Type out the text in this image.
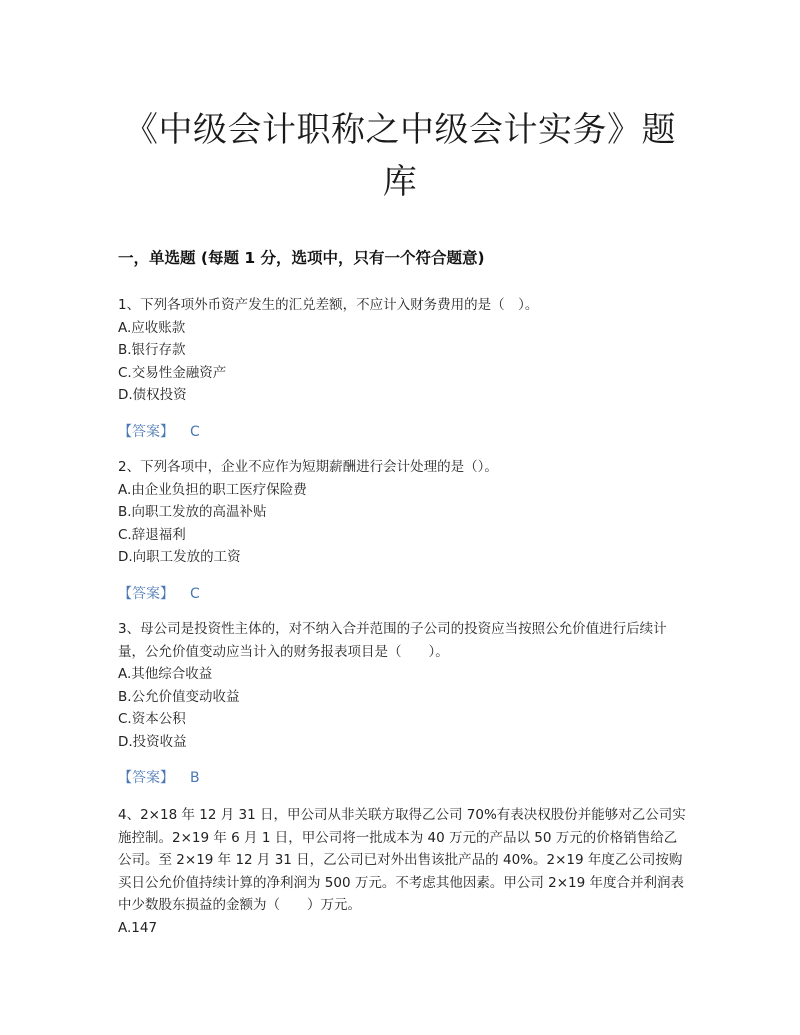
《中级会计职称之中级会计实务》题库
一，单选题 (每题 1 分，选项中，只有一个符合题意)

1、下列各项外币资产发生的汇兑差额，不应计入财务费用的是（　）。

A.应收账款

B.银行存款

C.交易性金融资产

D.债权投资

【答案】 C

2、下列各项中，企业不应作为短期薪酬进行会计处理的是（）。

A.由企业负担的职工医疗保险费

B.向职工发放的高温补贴

C.辞退福利

D.向职工发放的工资

【答案】 C

3、母公司是投资性主体的，对不纳入合并范围的子公司的投资应当按照公允价值进行后续计量，公允价值变动应当计入的财务报表项目是（　　）。

A.其他综合收益

B.公允价值变动收益

C.资本公积

D.投资收益

【答案】 B

4、2×18 年 12 月 31 日，甲公司从非关联方取得乙公司 70%有表决权股份并能够对乙公司实施控制。2×19 年 6 月 1 日，甲公司将一批成本为 40 万元的产品以 50 万元的价格销售给乙公司。至 2×19 年 12 月 31 日，乙公司已对外出售该批产品的 40%。2×19 年度乙公司按购买日公允价值持续计算的净利润为 500 万元。不考虑其他因素。甲公司 2×19 年度合并利润表中少数股东损益的金额为（　　）万元。

A.147
